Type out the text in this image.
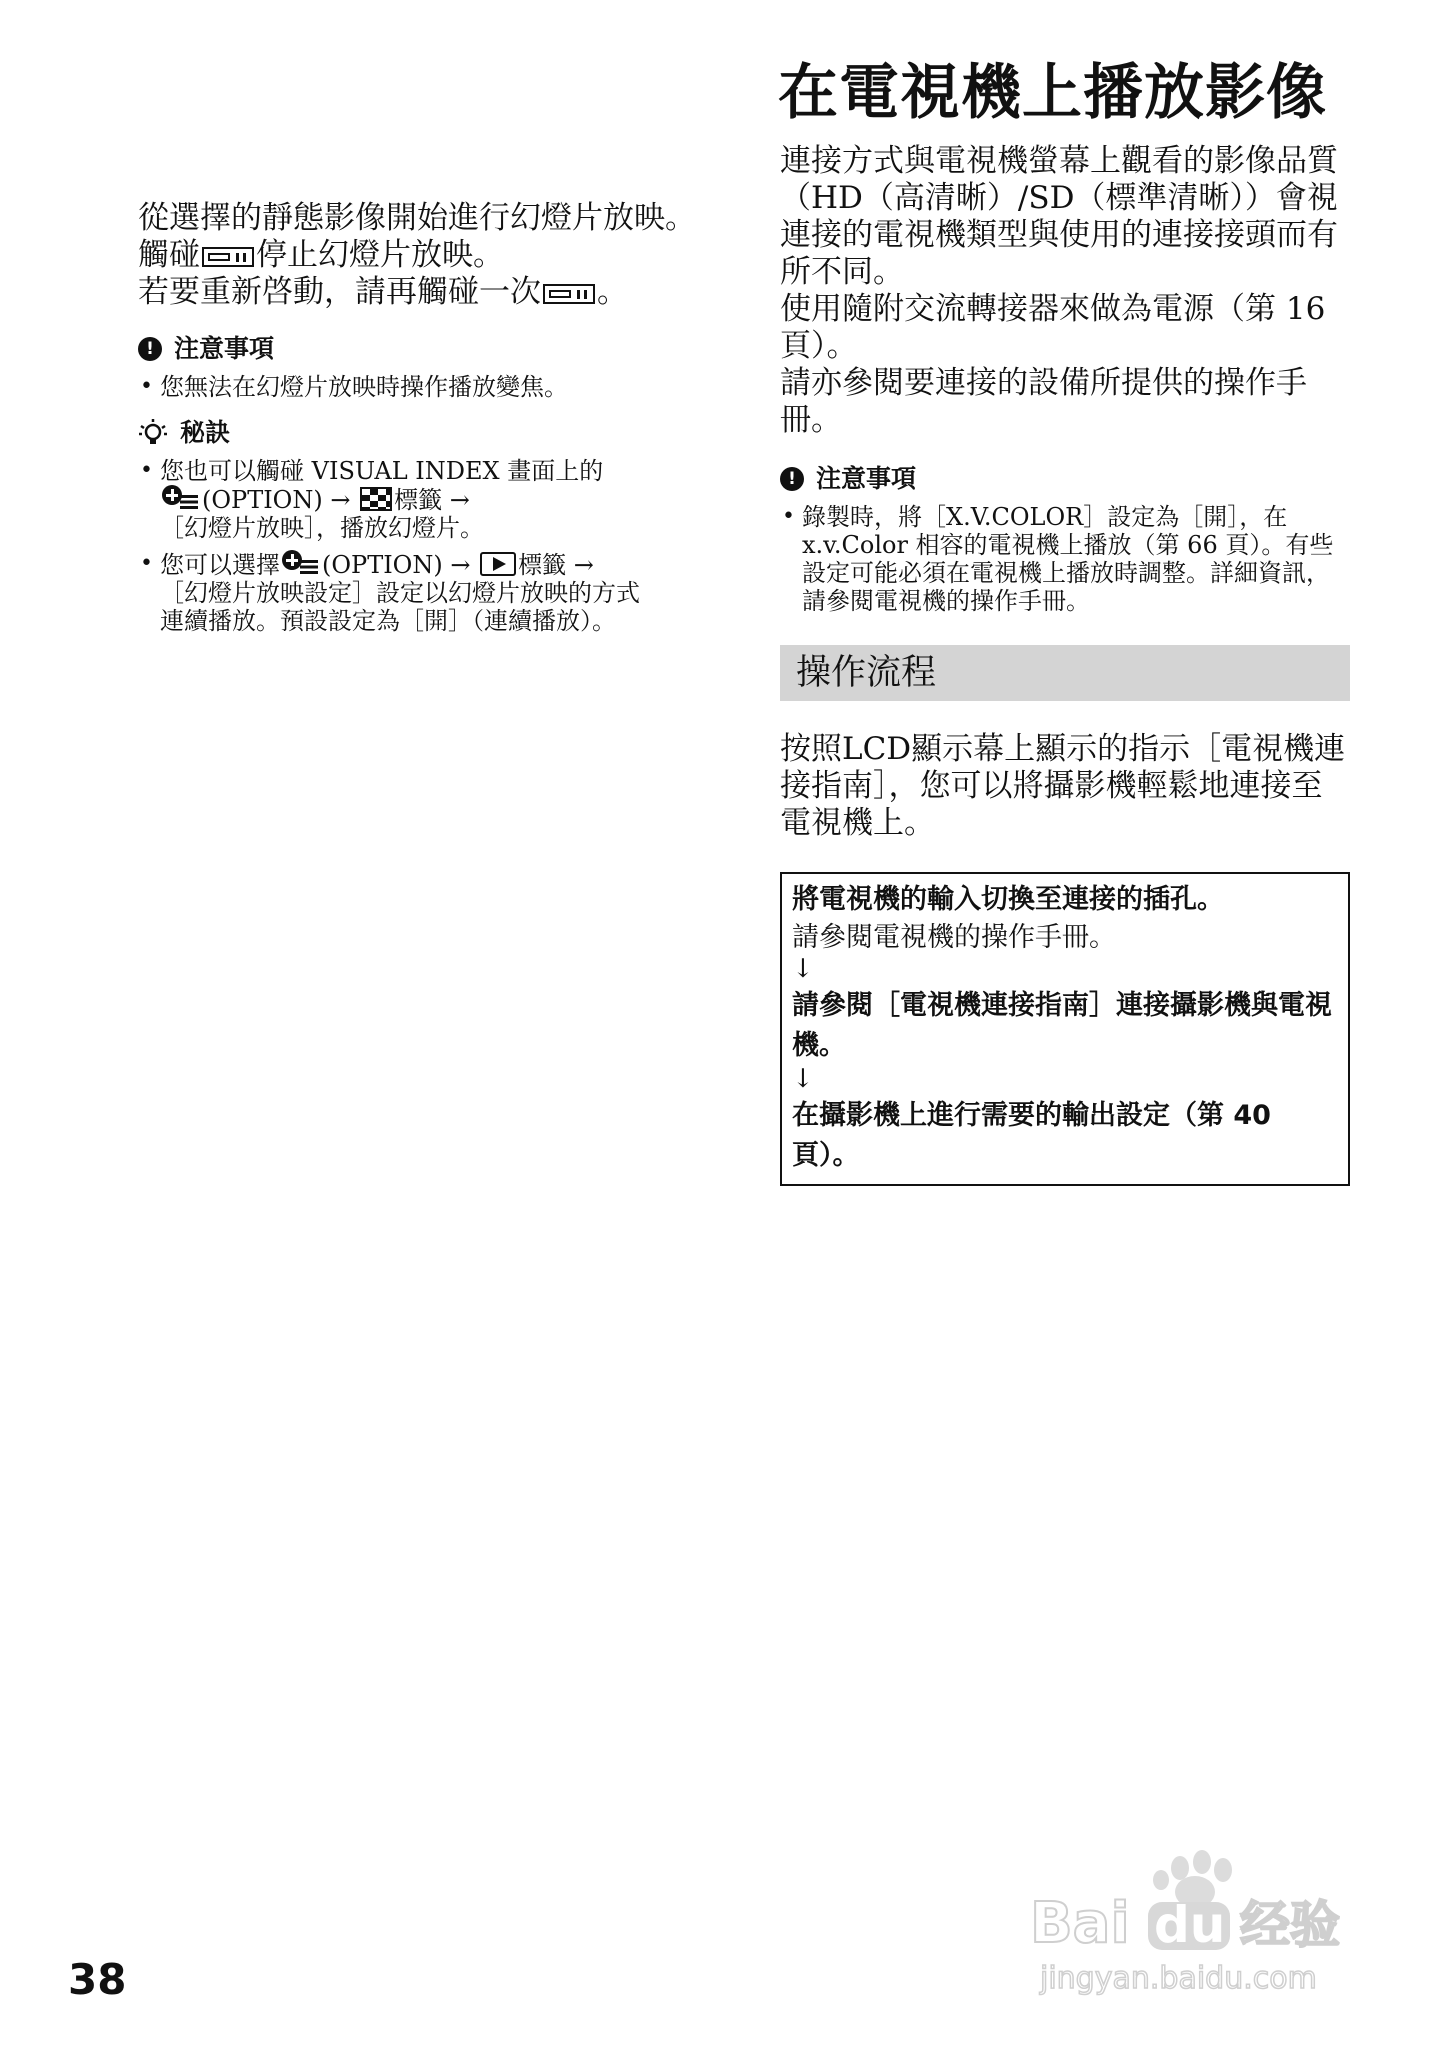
從選擇的靜態影像開始進行幻燈片放映。

觸碰 停止幻燈片放映。

若要重新啓動，請再觸碰一次 。

! 注意事項
• 您無法在幻燈片放映時操作播放變焦。
秘訣
• 您也可以觸碰 VISUAL INDEX 畫面上的
(OPTION) → 標籤 →
［幻燈片放映］，播放幻燈片。
• 您可以選擇 (OPTION) → 標籤 →
［幻燈片放映設定］設定以幻燈片放映的方式
連續播放。預設設定為［開］（連續播放）。
在電視機上播放影像

連接方式與電視機螢幕上觀看的影像品質（HD（高清晰）/SD（標準清晰））會視連接的電視機類型與使用的連接接頭而有所不同。

使用隨附交流轉接器來做為電源（第 16 頁）。

請亦參閱要連接的設備所提供的操作手冊。

! 注意事項
• 錄製時，將［X.V.COLOR］設定為［開］，在 x.v.Color 相容的電視機上播放（第 66 頁）。有些設定可能必須在電視機上播放時調整。詳細資訊，請參閱電視機的操作手冊。
操作流程
按照LCD顯示幕上顯示的指示［電視機連接指南］，您可以將攝影機輕鬆地連接至電視機上。
將電視機的輸入切換至連接的插孔。
請參閱電視機的操作手冊。
↓
請參閱［電視機連接指南］連接攝影機與電視機。
↓
在攝影機上進行需要的輸出設定（第 40 頁）。
38
Bai du 经验
jingyan.baidu.com
